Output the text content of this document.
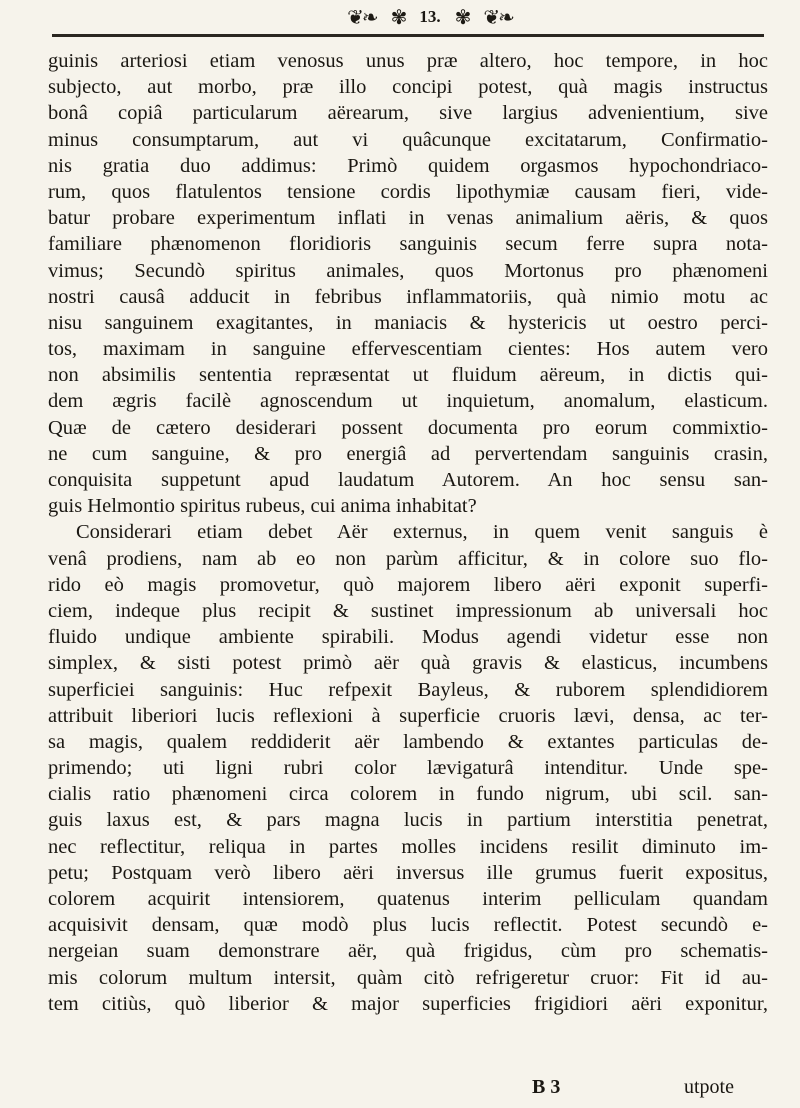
❦❧ ✾ 13. ✾ ❦❧
guinis arteriosi etiam venosus unus præ altero, hoc tempore, in hoc
subjecto, aut morbo, præ illo concipi potest, quà magis instructus
bonâ copiâ particularum aërearum, sive largius advenientium, sive
minus consumptarum, aut vi quâcunque excitatarum, Confirmatio-
nis gratia duo addimus: Primò quidem orgasmos hypochondriaco-
rum, quos flatulentos tensione cordis lipothymiæ causam fieri, vide-
batur probare experimentum inflati in venas animalium aëris, & quos
familiare phænomenon floridioris sanguinis secum ferre supra nota-
vimus; Secundò spiritus animales, quos Mortonus pro phænomeni
nostri causâ adducit in febribus inflammatoriis, quà nimio motu ac
nisu sanguinem exagitantes, in maniacis & hystericis ut oestro perci-
tos, maximam in sanguine effervescentiam cientes: Hos autem vero
non absimilis sententia repræsentat ut fluidum aëreum, in dictis qui-
dem ægris facilè agnoscendum ut inquietum, anomalum, elasticum.
Quæ de cætero desiderari possent documenta pro eorum commixtio-
ne cum sanguine, & pro energiâ ad pervertendam sanguinis crasin,
conquisita suppetunt apud laudatum Autorem. An hoc sensu san-
guis Helmontio spiritus rubeus, cui anima inhabitat?
Considerari etiam debet Aër externus, in quem venit sanguis è
venâ prodiens, nam ab eo non parùm afficitur, & in colore suo flo-
rido eò magis promovetur, quò majorem libero aëri exponit superfi-
ciem, indeque plus recipit & sustinet impressionum ab universali hoc
fluido undique ambiente spirabili. Modus agendi videtur esse non
simplex, & sisti potest primò aër quà gravis & elasticus, incumbens
superficiei sanguinis: Huc refpexit Bayleus, & ruborem splendidiorem
attribuit liberiori lucis reflexioni à superficie cruoris lævi, densa, ac ter-
sa magis, qualem reddiderit aër lambendo & extantes particulas de-
primendo; uti ligni rubri color lævigaturâ intenditur. Unde spe-
cialis ratio phænomeni circa colorem in fundo nigrum, ubi scil. san-
guis laxus est, & pars magna lucis in partium interstitia penetrat,
nec reflectitur, reliqua in partes molles incidens resilit diminuto im-
petu; Postquam verò libero aëri inversus ille grumus fuerit expositus,
colorem acquirit intensiorem, quatenus interim pelliculam quandam
acquisivit densam, quæ modò plus lucis reflectit. Potest secundò e-
nergeian suam demonstrare aër, quà frigidus, cùm pro schematis-
mis colorum multum intersit, quàm citò refrigeretur cruor: Fit id au-
tem citiùs, quò liberior & major superficies frigidiori aëri exponitur,
B 3	utpote
